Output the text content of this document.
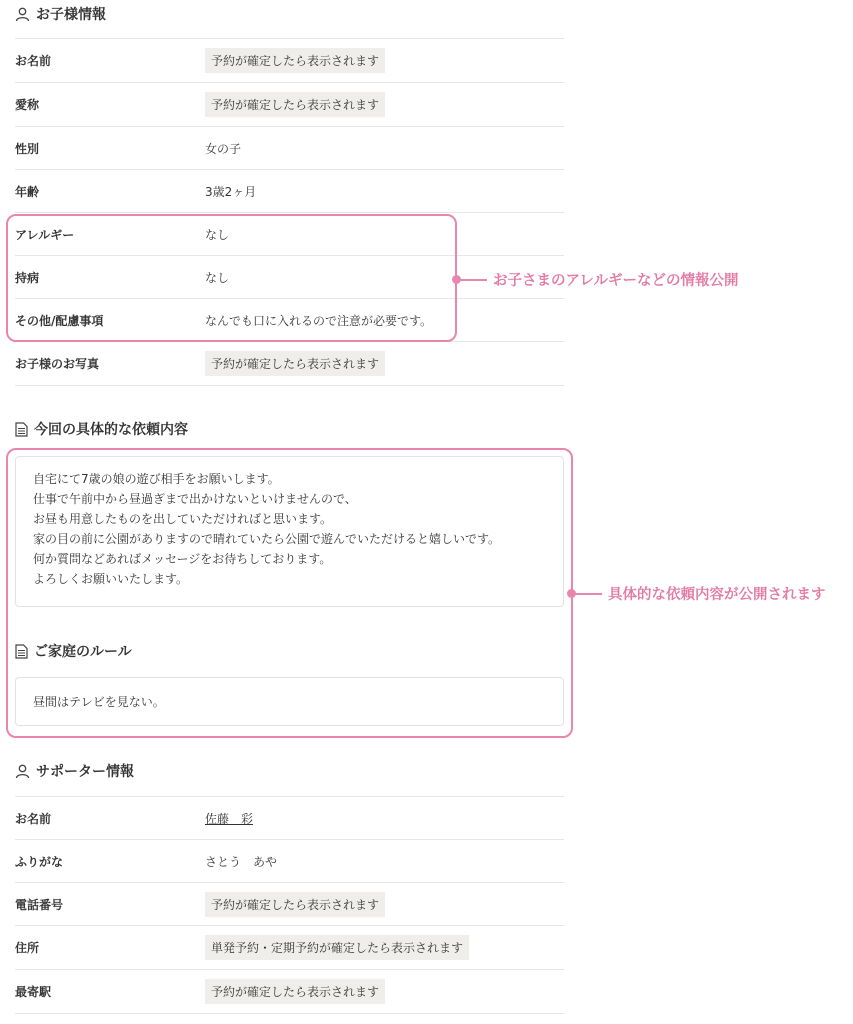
お子様情報
お名前	予約が確定したら表示されます
愛称	予約が確定したら表示されます
性別	女の子
年齢	3歳2ヶ月
アレルギー	なし
持病	なし
その他/配慮事項	なんでも口に入れるので注意が必要です。
お子様のお写真	予約が確定したら表示されます
お子さまのアレルギーなどの情報公開
今回の具体的な依頼内容
自宅にて7歳の娘の遊び相手をお願いします。
仕事で午前中から昼過ぎまで出かけないといけませんので、
お昼も用意したものを出していただければと思います。
家の目の前に公園がありますので晴れていたら公園で遊んでいただけると嬉しいです。
何か質問などあればメッセージをお待ちしております。
よろしくお願いいたします。
ご家庭のルール
昼間はテレビを見ない。
具体的な依頼内容が公開されます
サポーター情報
お名前	佐藤　彩
ふりがな	さとう　あや
電話番号	予約が確定したら表示されます
住所	単発予約・定期予約が確定したら表示されます
最寄駅	予約が確定したら表示されます
